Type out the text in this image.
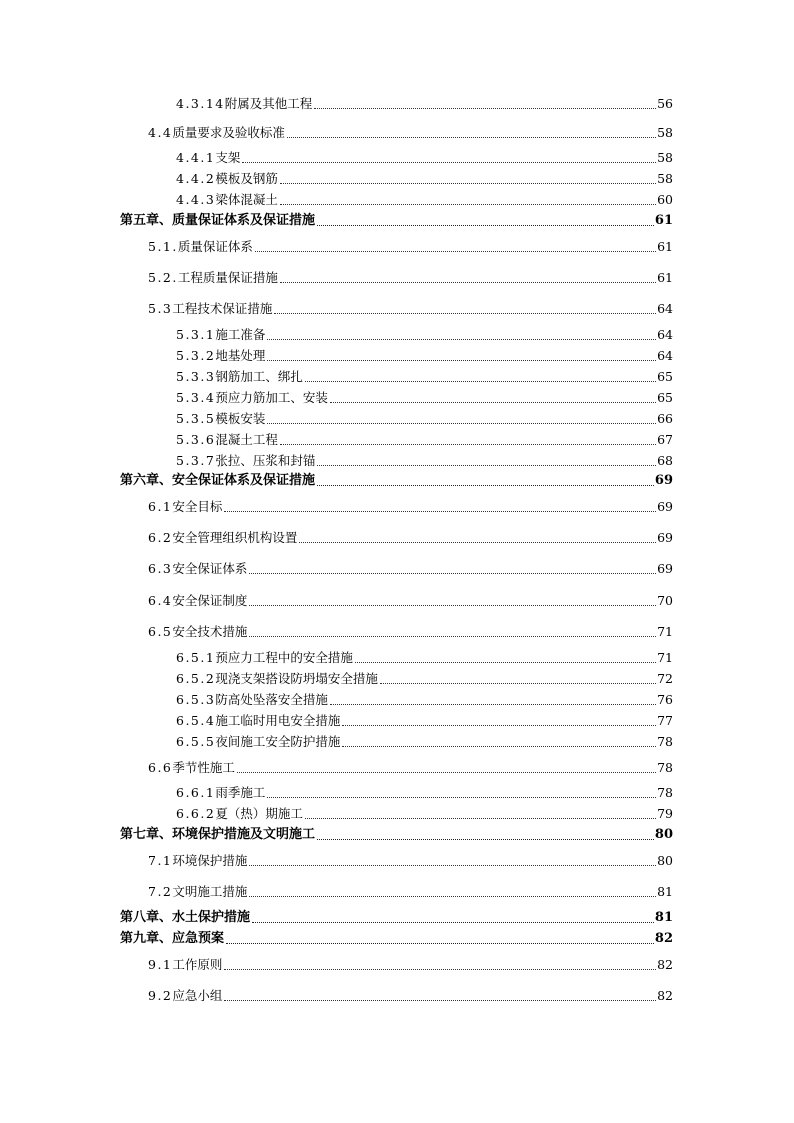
4.3.14附属及其他工程	56
4.4质量要求及验收标准	58
4.4.1支架	58
4.4.2模板及钢筋	58
4.4.3梁体混凝土	60
第五章、质量保证体系及保证措施	61
5.1.质量保证体系	61
5.2.工程质量保证措施	61
5.3工程技术保证措施	64
5.3.1施工准备	64
5.3.2地基处理	64
5.3.3钢筋加工、绑扎	65
5.3.4预应力筋加工、安装	65
5.3.5模板安装	66
5.3.6混凝土工程	67
5.3.7张拉、压浆和封锚	68
第六章、安全保证体系及保证措施	69
6.1安全目标	69
6.2安全管理组织机构设置	69
6.3安全保证体系	69
6.4安全保证制度	70
6.5安全技术措施	71
6.5.1预应力工程中的安全措施	71
6.5.2现浇支架搭设防坍塌安全措施	72
6.5.3防高处坠落安全措施	76
6.5.4施工临时用电安全措施	77
6.5.5夜间施工安全防护措施	78
6.6季节性施工	78
6.6.1雨季施工	78
6.6.2夏（热）期施工	79
第七章、环境保护措施及文明施工	80
7.1环境保护措施	80
7.2文明施工措施	81
第八章、水土保护措施	81
第九章、应急预案	82
9.1工作原则	82
9.2应急小组	82
